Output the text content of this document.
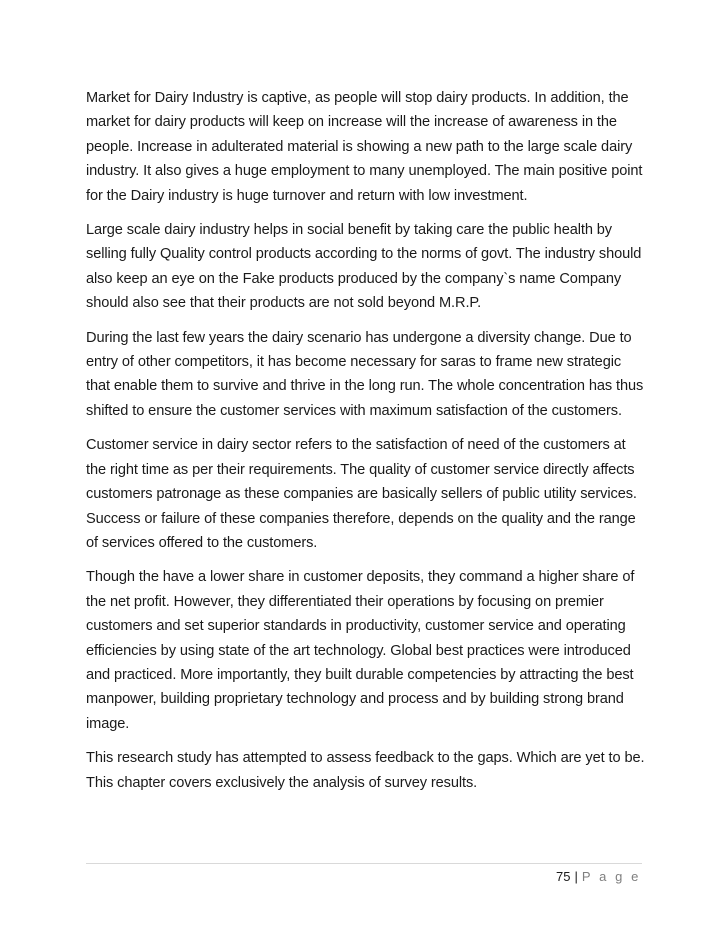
Market for Dairy Industry is captive, as people will stop dairy products. In addition, the market for dairy products will keep on increase will the increase of awareness in the people. Increase in adulterated material is showing a new path to the large scale dairy industry. It also gives a huge employment to many unemployed. The main positive point for the Dairy industry is huge turnover and return with low investment.

Large scale dairy industry helps in social benefit by taking care the public health by selling fully Quality control products according to the norms of govt. The industry should also keep an eye on the Fake products produced by the company`s name Company should also see that their products are not sold beyond M.R.P.

During the last few years the dairy scenario has undergone a diversity change. Due to entry of other competitors, it has become necessary for saras to frame new strategic that enable them to survive and thrive in the long run. The whole concentration has thus shifted to ensure the customer services with maximum satisfaction of the customers.

Customer service in dairy sector refers to the satisfaction of need of the customers at the right time as per their requirements. The quality of customer service directly affects customers patronage as these companies are basically sellers of public utility services. Success or failure of these companies therefore, depends on the quality and the range of services offered to the customers.

Though the have a lower share in customer deposits, they command a higher share of the net profit. However, they differentiated their operations by focusing on premier customers and set superior standards in productivity, customer service and operating efficiencies by using state of the art technology. Global best practices were introduced and practiced. More importantly, they built durable competencies by attracting the best manpower, building proprietary technology and process and by building strong brand image.

This research study has attempted to assess feedback to the gaps. Which are yet to be. This chapter covers exclusively the analysis of survey results.

75 | P a g e
